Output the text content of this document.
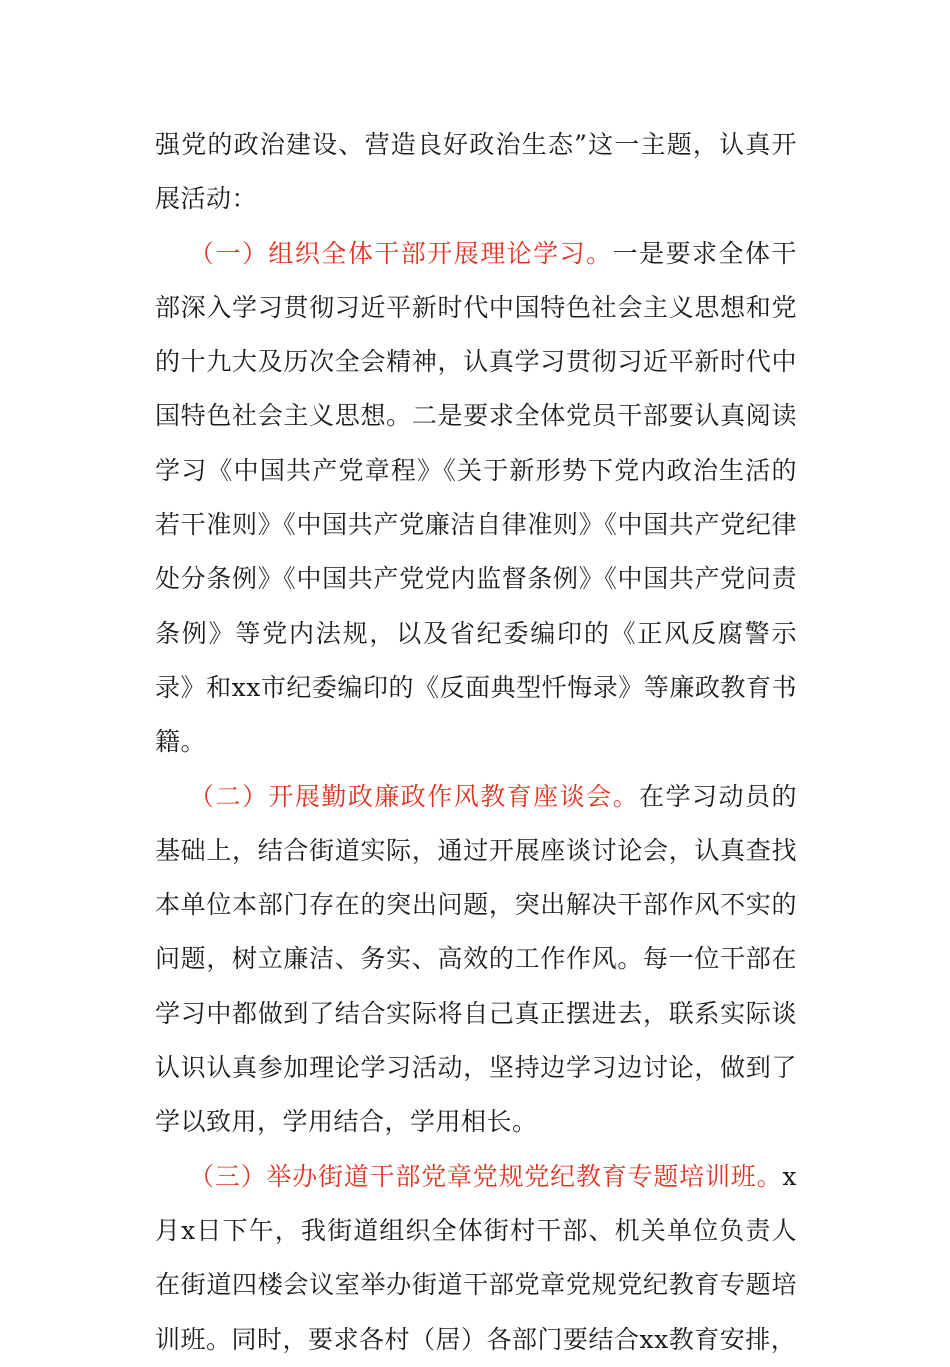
强党的政治建设、营造良好政治生态”这一主题，认真开展活动：

（一）组织全体干部开展理论学习。一是要求全体干部深入学习贯彻习近平新时代中国特色社会主义思想和党的十九大及历次全会精神，认真学习贯彻习近平新时代中国特色社会主义思想。二是要求全体党员干部要认真阅读学习《中国共产党章程》《关于新形势下党内政治生活的若干准则》《中国共产党廉洁自律准则》《中国共产党纪律处分条例》《中国共产党党内监督条例》《中国共产党问责条例》等党内法规，以及省纪委编印的《正风反腐警示录》和xx市纪委编印的《反面典型忏悔录》等廉政教育书籍。

（二）开展勤政廉政作风教育座谈会。在学习动员的基础上，结合街道实际，通过开展座谈讨论会，认真查找本单位本部门存在的突出问题，突出解决干部作风不实的问题，树立廉洁、务实、高效的工作作风。每一位干部在学习中都做到了结合实际将自己真正摆进去，联系实际谈认识认真参加理论学习活动，坚持边学习边讨论，做到了学以致用，学用结合，学用相长。

（三）举办街道干部党章党规党纪教育专题培训班。x月x日下午，我街道组织全体街村干部、机关单位负责人在街道四楼会议室举办街道干部党章党规党纪教育专题培训班。同时，要求各村（居）各部门要结合xx教育安排，
